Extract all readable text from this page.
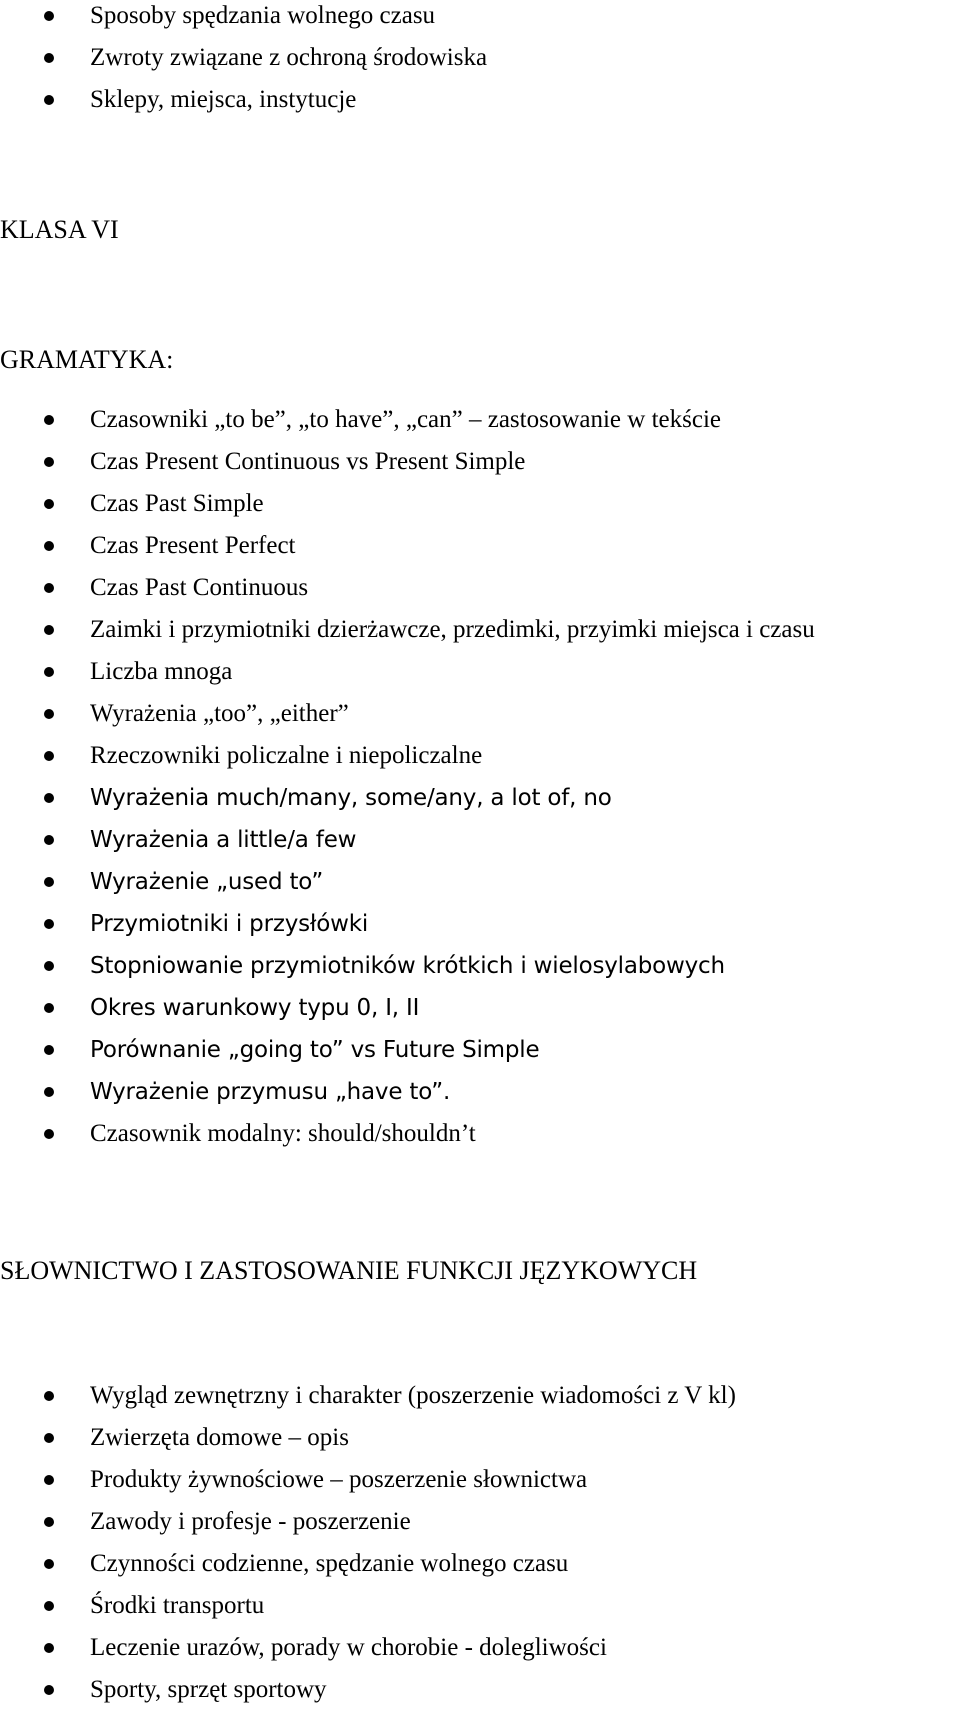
Sposoby spędzania wolnego czasu
Zwroty związane z ochroną środowiska
Sklepy, miejsca, instytucje
KLASA VI
GRAMATYKA:
Czasowniki „to be”, „to have”, „can” – zastosowanie w tekście
Czas Present Continuous vs Present Simple
Czas Past Simple
Czas Present Perfect
Czas Past Continuous
Zaimki i przymiotniki dzierżawcze, przedimki, przyimki miejsca i czasu
Liczba mnoga
Wyrażenia „too”, „either”
Rzeczowniki policzalne i niepoliczalne
Wyrażenia much/many, some/any, a lot of, no
Wyrażenia a little/a few
Wyrażenie „used to”
Przymiotniki i przysłówki
Stopniowanie przymiotników krótkich i wielosylabowych
Okres warunkowy typu 0, I, II
Porównanie „going to” vs Future Simple
Wyrażenie przymusu „have to”.
Czasownik modalny: should/shouldn’t
SŁOWNICTWO I ZASTOSOWANIE FUNKCJI JĘZYKOWYCH
Wygląd zewnętrzny i charakter (poszerzenie wiadomości z V kl)
Zwierzęta domowe – opis
Produkty żywnościowe – poszerzenie słownictwa
Zawody i profesje - poszerzenie
Czynności codzienne, spędzanie wolnego czasu
Środki transportu
Leczenie urazów, porady w chorobie - dolegliwości
Sporty, sprzęt sportowy
